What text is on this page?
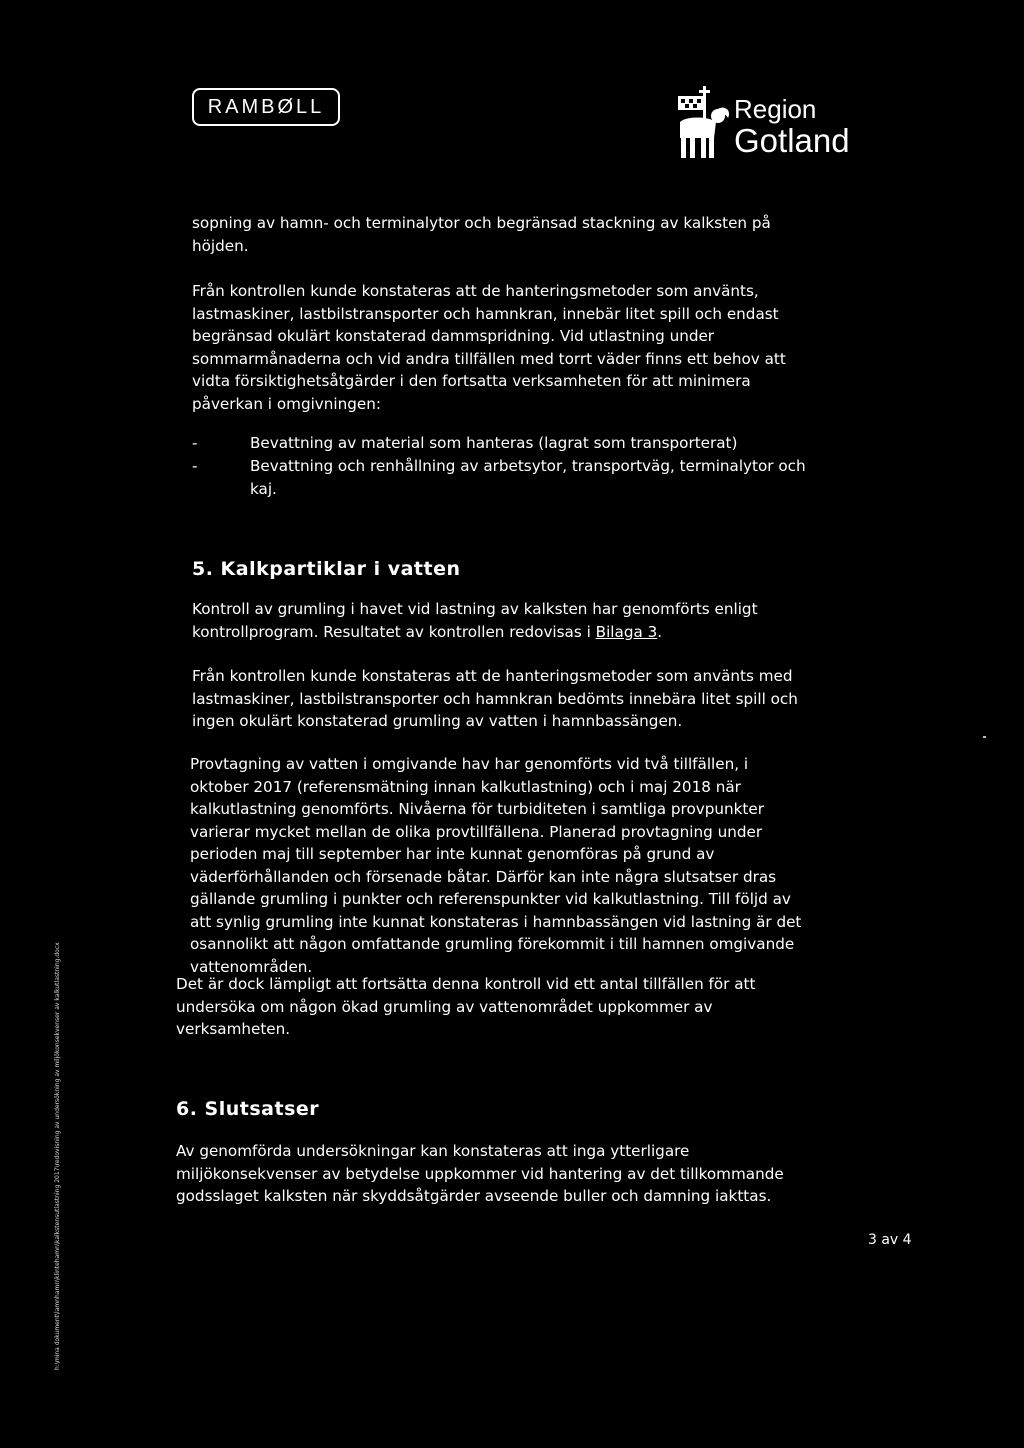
RAMBØLL	Region
Gotland

sopning av hamn- och terminalytor och begränsad stackning av kalksten på höjden.

Från kontrollen kunde konstateras att de hanteringsmetoder som använts, lastmaskiner, lastbilstransporter och hamnkran, innebär litet spill och endast begränsad okulärt konstaterad dammspridning. Vid utlastning under sommarmånaderna och vid andra tillfällen med torrt väder finns ett behov att vidta försiktighetsåtgärder i den fortsatta verksamheten för att minimera påverkan i omgivningen:

-	Bevattning av material som hanteras (lagrat som transporterat)
-	Bevattning och renhållning av arbetsytor, transportväg, terminalytor och kaj.
5. Kalkpartiklar i vatten

Kontroll av grumling i havet vid lastning av kalksten har genomförts enligt kontrollprogram. Resultatet av kontrollen redovisas i Bilaga 3.

Från kontrollen kunde konstateras att de hanteringsmetoder som använts med lastmaskiner, lastbilstransporter och hamnkran bedömts innebära litet spill och ingen okulärt konstaterad grumling av vatten i hamnbassängen.

Provtagning av vatten i omgivande hav har genomförts vid två tillfällen, i oktober 2017 (referensmätning innan kalkutlastning) och i maj 2018 när kalkutlastning genomförts. Nivåerna för turbiditeten i samtliga provpunkter varierar mycket mellan de olika provtillfällena. Planerad provtagning under perioden maj till september har inte kunnat genomföras på grund av väderförhållanden och försenade båtar. Därför kan inte några slutsatser dras gällande grumling i punkter och referenspunkter vid kalkutlastning. Till följd av att synlig grumling inte kunnat konstateras i hamnbassängen vid lastning är det osannolikt att någon omfattande grumling förekommit i till hamnen omgivande vattenområden.

Det är dock lämpligt att fortsätta denna kontroll vid ett antal tillfällen för att undersöka om någon ökad grumling av vattenområdet uppkommer av verksamheten.

6. Slutsatser

Av genomförda undersökningar kan konstateras att inga ytterligare miljökonsekvenser av betydelse uppkommer vid hantering av det tillkommande godsslaget kalksten när skyddsåtgärder avseende buller och damning iakttas.

3 av 4
h:\mina dokument\lamnhamn\klintehamn\kalkstensutlastning 2017\redovisning av undersökning av miljökonsekvenser av kalkutlastning.docx
